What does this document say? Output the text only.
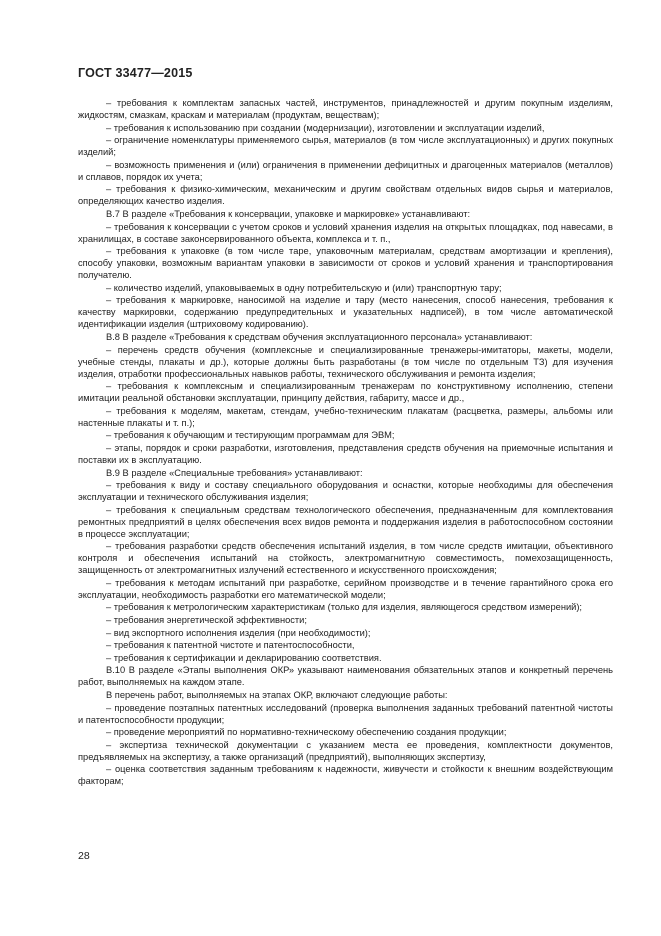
ГОСТ 33477—2015

– требования к комплектам запасных частей, инструментов, принадлежностей и другим покупным изделиям, жидкостям, смазкам, краскам и материалам (продуктам, веществам);

– требования к использованию при создании (модернизации), изготовлении и эксплуатации изделий,

– ограничение номенклатуры применяемого сырья, материалов (в том числе эксплуатационных) и других покупных изделий;

– возможность применения и (или) ограничения в применении дефицитных и драгоценных материалов (металлов) и сплавов, порядок их учета;

– требования к физико-химическим, механическим и другим свойствам отдельных видов сырья и материалов, определяющих качество изделия.

В.7 В разделе «Требования к консервации, упаковке и маркировке» устанавливают:

– требования к консервации с учетом сроков и условий хранения изделия на открытых площадках, под навесами, в хранилищах, в составе законсервированного объекта, комплекса и т. п.,

– требования к упаковке (в том числе таре, упаковочным материалам, средствам амортизации и крепления), способу упаковки, возможным вариантам упаковки в зависимости от сроков и условий хранения и транспортирования получателю.

– количество изделий, упаковываемых в одну потребительскую и (или) транспортную тару;

– требования к маркировке, наносимой на изделие и тару (место нанесения, способ нанесения, требования к качеству маркировки, содержанию предупредительных и указательных надписей), в том числе автоматической идентификации изделия (штриховому кодированию).

В.8 В разделе «Требования к средствам обучения эксплуатационного персонала» устанавливают:

– перечень средств обучения (комплексные и специализированные тренажеры-имитаторы, макеты, модели, учебные стенды, плакаты и др.), которые должны быть разработаны (в том числе по отдельным ТЗ) для изучения изделия, отработки профессиональных навыков работы, технического обслуживания и ремонта изделия;

– требования к комплексным и специализированным тренажерам по конструктивному исполнению, степени имитации реальной обстановки эксплуатации, принципу действия, габариту, массе и др.,

– требования к моделям, макетам, стендам, учебно-техническим плакатам (расцветка, размеры, альбомы или настенные плакаты и т. п.);

– требования к обучающим и тестирующим программам для ЭВМ;

– этапы, порядок и сроки разработки, изготовления, представления средств обучения на приемочные испытания и поставки их в эксплуатацию.

В.9 В разделе «Специальные требования» устанавливают:

– требования к виду и составу специального оборудования и оснастки, которые необходимы для обеспечения эксплуатации и технического обслуживания изделия;

– требования к специальным средствам технологического обеспечения, предназначенным для комплектования ремонтных предприятий в целях обеспечения всех видов ремонта и поддержания изделия в работоспособном состоянии в процессе эксплуатации;

– требования разработки средств обеспечения испытаний изделия, в том числе средств имитации, объективного контроля и обеспечения испытаний на стойкость, электромагнитную совместимость, помехозащищенность, защищенность от электромагнитных излучений естественного и искусственного происхождения;

– требования к методам испытаний при разработке, серийном производстве и в течение гарантийного срока его эксплуатации, необходимость разработки его математической модели;

– требования к метрологическим характеристикам (только для изделия, являющегося средством измерений);

– требования энергетической эффективности;

– вид экспортного исполнения изделия (при необходимости);

– требования к патентной чистоте и патентоспособности,

– требования к сертификации и декларированию соответствия.

В.10 В разделе «Этапы выполнения ОКР» указывают наименования обязательных этапов и конкретный перечень работ, выполняемых на каждом этапе.

В перечень работ, выполняемых на этапах ОКР, включают следующие работы:

– проведение поэтапных патентных исследований (проверка выполнения заданных требований патентной чистоты и патентоспособности продукции;

– проведение мероприятий по нормативно-техническому обеспечению создания продукции;

– экспертиза технической документации с указанием места ее проведения, комплектности документов, предъявляемых на экспертизу, а также организаций (предприятий), выполняющих экспертизу,

– оценка соответствия заданным требованиям к надежности, живучести и стойкости к внешним воздействующим факторам;

28
